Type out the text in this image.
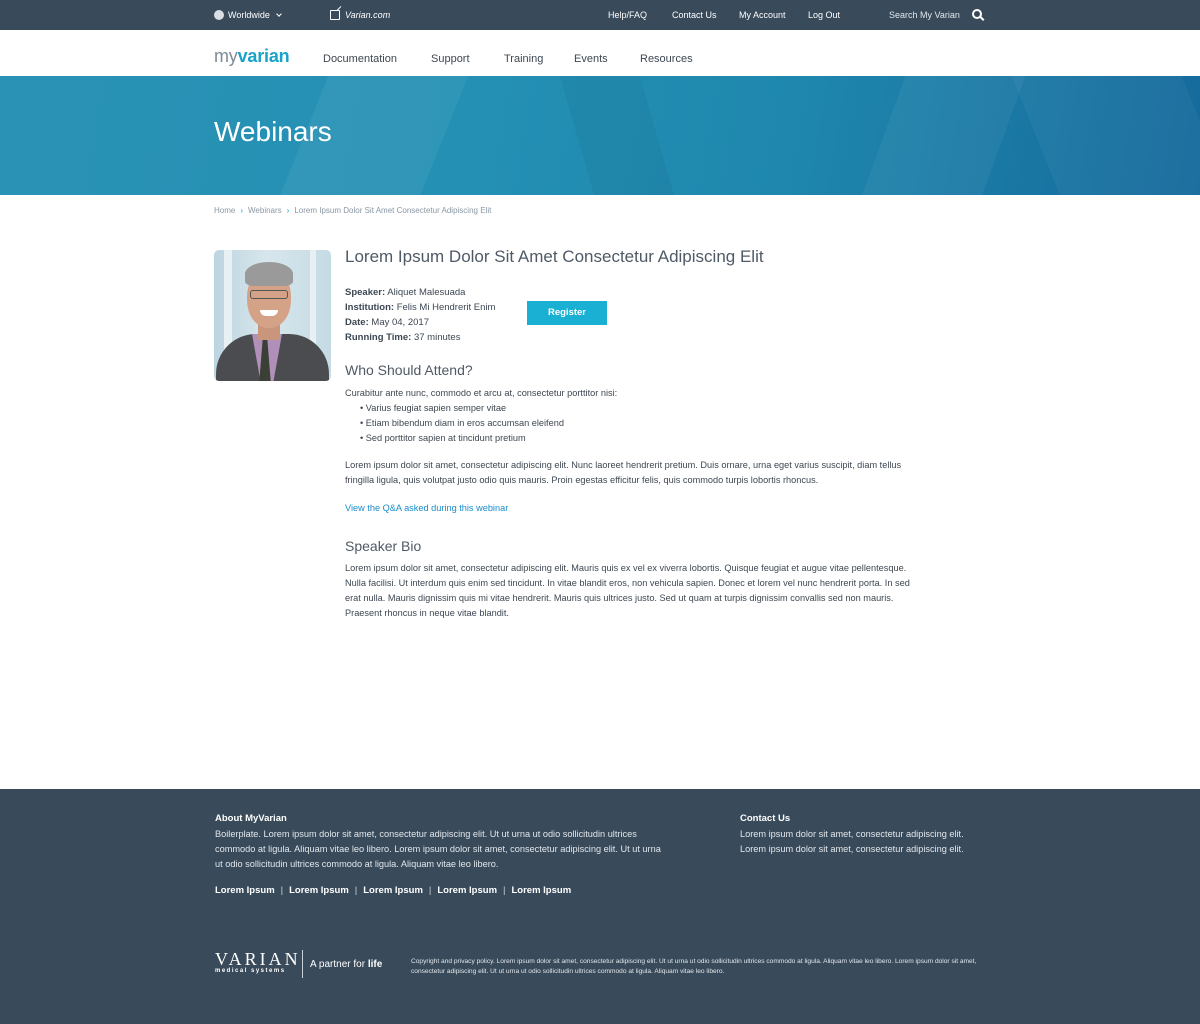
Worldwide	Varian.com	Help/FAQ	Contact Us My Account Log Out	Search My Varian
myvarian	Documentation	Support	Training	Events	Resources
Webinars
Home › Webinars › Lorem Ipsum Dolor Sit Amet Consectetur Adipiscing Elit
Lorem Ipsum Dolor Sit Amet Consectetur Adipiscing Elit
Speaker: Aliquet Malesuada
Institution: Felis Mi Hendrerit Enim
Date: May 04, 2017
Running Time: 37 minutes
Register
Who Should Attend?

Curabitur ante nunc, commodo et arcu at, consectetur porttitor nisi:

• Varius feugiat sapien semper vitae
• Etiam bibendum diam in eros accumsan eleifend
• Sed porttitor sapien at tincidunt pretium

Lorem ipsum dolor sit amet, consectetur adipiscing elit. Nunc laoreet hendrerit pretium. Duis ornare, urna eget varius suscipit, diam tellus fringilla ligula, quis volutpat justo odio quis mauris. Proin egestas efficitur felis, quis commodo turpis lobortis rhoncus.

View the Q&A asked during this webinar
Speaker Bio

Lorem ipsum dolor sit amet, consectetur adipiscing elit. Mauris quis ex vel ex viverra lobortis. Quisque feugiat et augue vitae pellentesque. Nulla facilisi. Ut interdum quis enim sed tincidunt. In vitae blandit eros, non vehicula sapien. Donec et lorem vel nunc hendrerit porta. In sed erat nulla. Mauris dignissim quis mi vitae hendrerit. Mauris quis ultrices justo. Sed ut quam at turpis dignissim convallis sed non mauris. Praesent rhoncus in neque vitae blandit.

About MyVarian
Boilerplate. Lorem ipsum dolor sit amet, consectetur adipiscing elit. Ut ut urna ut odio sollicitudin ultrices commodo at ligula. Aliquam vitae leo libero. Lorem ipsum dolor sit amet, consectetur adipiscing elit. Ut ut urna ut odio sollicitudin ultrices commodo at ligula. Aliquam vitae leo libero.
Lorem Ipsum | Lorem Ipsum | Lorem Ipsum | Lorem Ipsum | Lorem Ipsum
Contact Us
Lorem ipsum dolor sit amet, consectetur adipiscing elit.
Lorem ipsum dolor sit amet, consectetur adipiscing elit.
VARIAN
medical systems
A partner for life	Copyright and privacy policy. Lorem ipsum dolor sit amet, consectetur adipiscing elit. Ut ut urna ut odio sollicitudin ultrices commodo at ligula. Aliquam vitae leo libero. Lorem ipsum dolor sit amet, consectetur adipiscing elit. Ut ut urna ut odio sollicitudin ultrices commodo at ligula. Aliquam vitae leo libero.
